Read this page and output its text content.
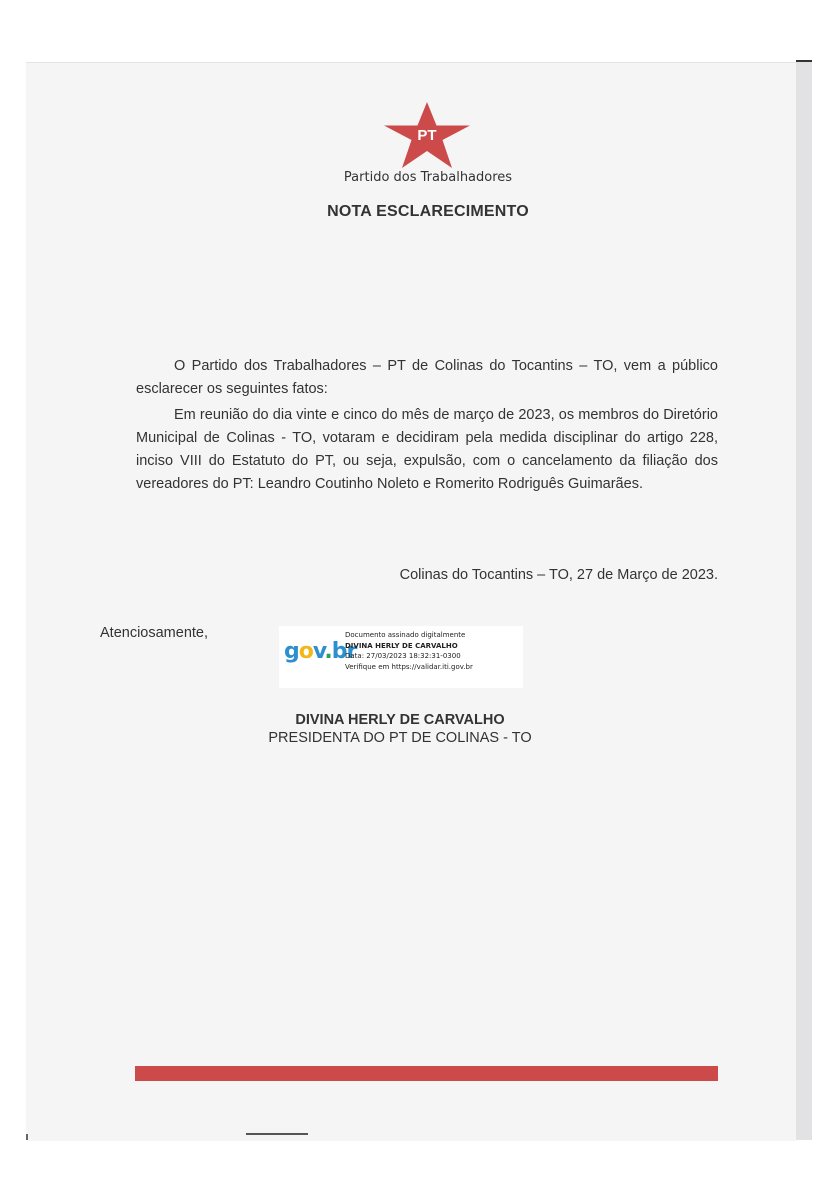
PT
Partido dos Trabalhadores
NOTA ESCLARECIMENTO
O Partido dos Trabalhadores – PT de Colinas do Tocantins – TO, vem a público esclarecer os seguintes fatos:
Em reunião do dia vinte e cinco do mês de março de 2023, os membros do Diretório Municipal de Colinas - TO, votaram e decidiram pela medida disciplinar do artigo 228, inciso VIII do Estatuto do PT, ou seja, expulsão, com o cancelamento da filiação dos vereadores do PT: Leandro Coutinho Noleto e Romerito Rodriguês Guimarães.
Colinas do Tocantins – TO, 27 de Março de 2023.
Atenciosamente,
gov.br
Documento assinado digitalmente
DIVINA HERLY DE CARVALHO
Data: 27/03/2023 18:32:31-0300
Verifique em https://validar.iti.gov.br
DIVINA HERLY DE CARVALHO
PRESIDENTA DO PT DE COLINAS - TO
